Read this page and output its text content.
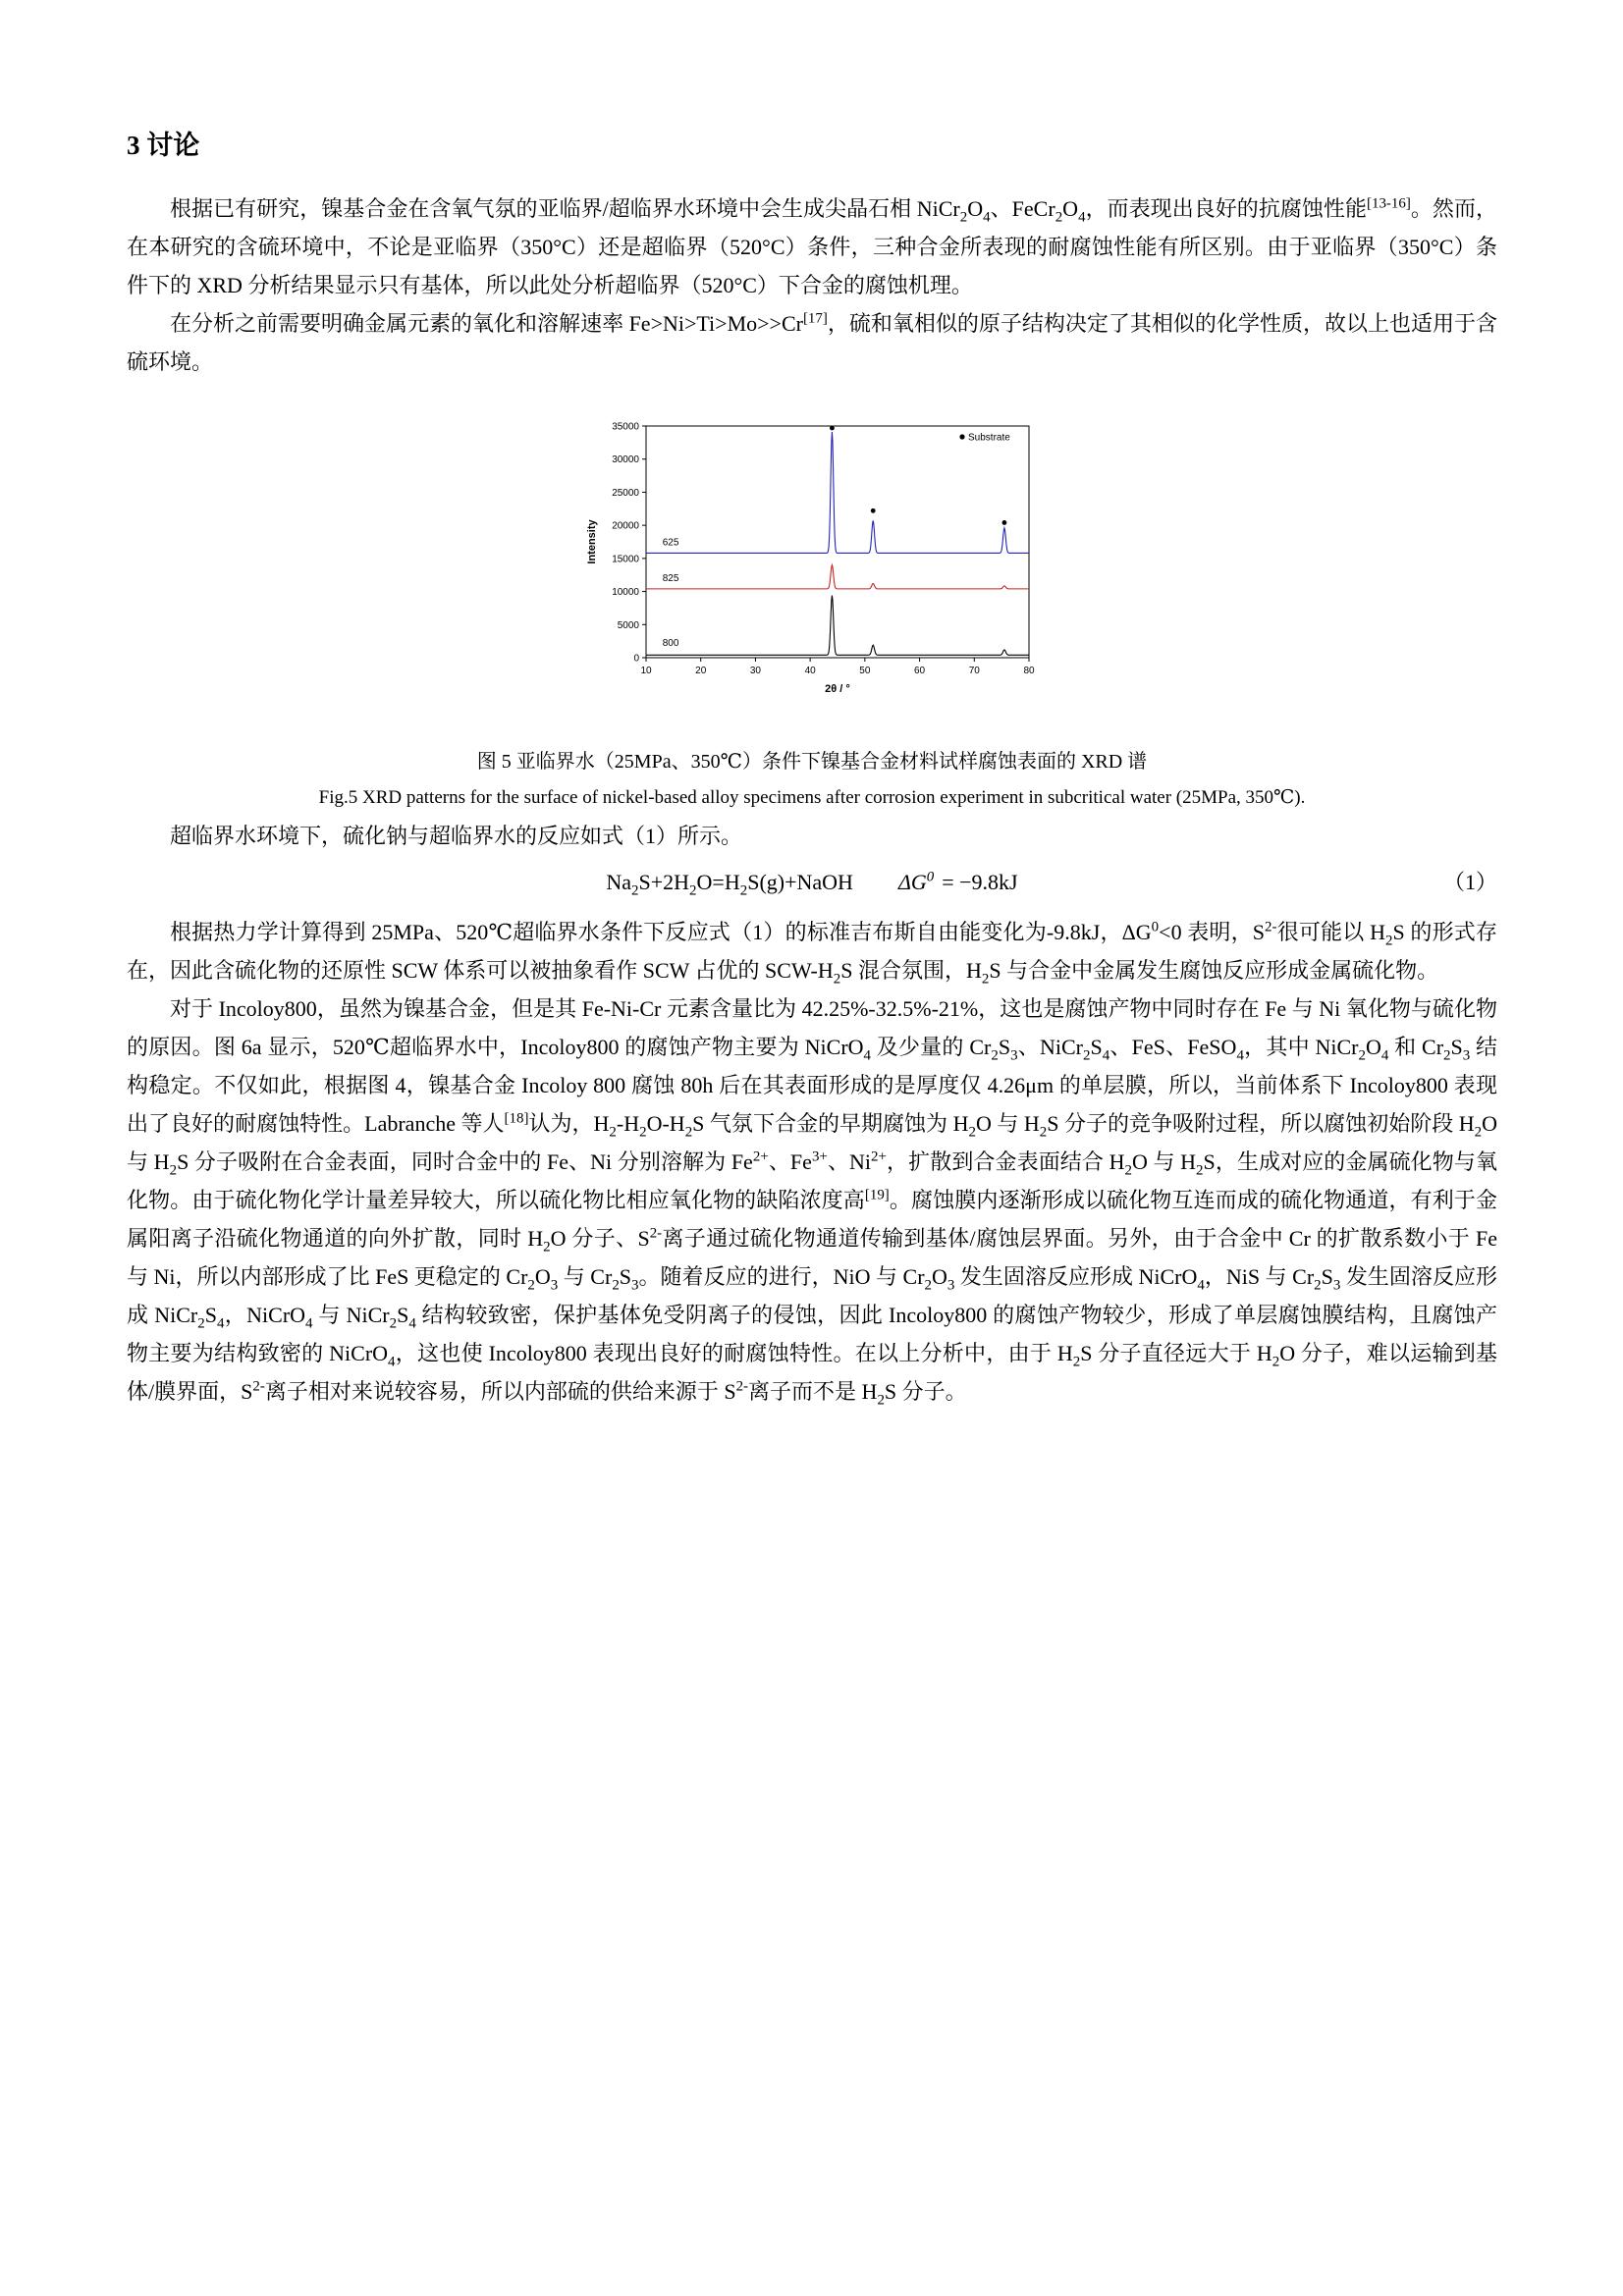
3 讨论

根据已有研究，镍基合金在含氧气氛的亚临界/超临界水环境中会生成尖晶石相 $NiCr_2O_4$、$FeCr_2O_4$，而表现出良好的抗腐蚀性能[13-16]。然而，在本研究的含硫环境中，不论是亚临界（350°C）还是超临界（520°C）条件，三种合金所表现的耐腐蚀性能有所区别。由于亚临界（350°C）条件下的 XRD 分析结果显示只有基体，所以此处分析超临界（520°C）下合金的腐蚀机理。

在分析之前需要明确金属元素的氧化和溶解速率 Fe>Ni>Ti>Mo>>Cr[17]，硫和氧相似的原子结构决定了其相似的化学性质，故以上也适用于含硫环境。

10	20	30	40	50	60	70	80
2θ / °
0
5000
10000
15000
20000
25000
30000
35000
Intensity	625
825
800
Substrate
图 5 亚临界水（25MPa、350℃）条件下镍基合金材料试样腐蚀表面的 XRD 谱
Fig.5 XRD patterns for the surface of nickel-based alloy specimens after corrosion experiment in subcritical water (25MPa, 350℃).

超临界水环境下，硫化钠与超临界水的反应如式（1）所示。

$Na_2S+2H_2O=H_2S(g)+NaOH$ $\Delta G^0 = -9.8kJ$	（1）

根据热力学计算得到 25MPa、520℃超临界水条件下反应式（1）的标准吉布斯自由能变化为-9.8kJ，$\Delta G^0<0$ 表明，$S^{2-}$很可能以 $H_2S$ 的形式存在，因此含硫化物的还原性 SCW 体系可以被抽象看作 SCW 占优的 SCW-$H_2S$ 混合氛围，$H_2S$ 与合金中金属发生腐蚀反应形成金属硫化物。

对于 Incoloy800，虽然为镍基合金，但是其 Fe-Ni-Cr 元素含量比为 42.25%-32.5%-21%，这也是腐蚀产物中同时存在 Fe 与 Ni 氧化物与硫化物的原因。图 6a 显示，520℃超临界水中，Incoloy800 的腐蚀产物主要为 NiCrO$_4$ 及少量的 $Cr_2S_3$、$NiCr_2S_4$、FeS、FeSO$_4$，其中 $NiCr_2O_4$ 和 $Cr_2S_3$ 结构稳定。不仅如此，根据图 4，镍基合金 Incoloy 800 腐蚀 80h 后在其表面形成的是厚度仅 4.26μm 的单层膜，所以，当前体系下 Incoloy800 表现出了良好的耐腐蚀特性。Labranche 等人[18]认为，$H_2-H_2O-H_2S$ 气氛下合金的早期腐蚀为 $H_2O$ 与 $H_2S$ 分子的竞争吸附过程，所以腐蚀初始阶段 $H_2O$ 与 $H_2S$ 分子吸附在合金表面，同时合金中的 Fe、Ni 分别溶解为 $Fe^{2+}$、$Fe^{3+}$、$Ni^{2+}$，扩散到合金表面结合 $H_2O$ 与 $H_2S$，生成对应的金属硫化物与氧化物。由于硫化物化学计量差异较大，所以硫化物比相应氧化物的缺陷浓度高[19]。腐蚀膜内逐渐形成以硫化物互连而成的硫化物通道，有利于金属阳离子沿硫化物通道的向外扩散，同时 $H_2O$ 分子、$S^{2-}$离子通过硫化物通道传输到基体/腐蚀层界面。另外，由于合金中 Cr 的扩散系数小于 Fe 与 Ni，所以内部形成了比 FeS 更稳定的 $Cr_2O_3$ 与 $Cr_2S_3$。随着反应的进行，NiO 与 $Cr_2O_3$ 发生固溶反应形成 NiCrO$_4$，NiS 与 $Cr_2S_3$ 发生固溶反应形成 $NiCr_2S_4$，NiCrO$_4$ 与 $NiCr_2S_4$ 结构较致密，保护基体免受阴离子的侵蚀，因此 Incoloy800 的腐蚀产物较少，形成了单层腐蚀膜结构，且腐蚀产物主要为结构致密的 NiCrO$_4$，这也使 Incoloy800 表现出良好的耐腐蚀特性。在以上分析中，由于 $H_2S$ 分子直径远大于 $H_2O$ 分子，难以运输到基体/膜界面，$S^{2-}$离子相对来说较容易，所以内部硫的供给来源于 $S^{2-}$离子而不是 $H_2S$ 分子。
